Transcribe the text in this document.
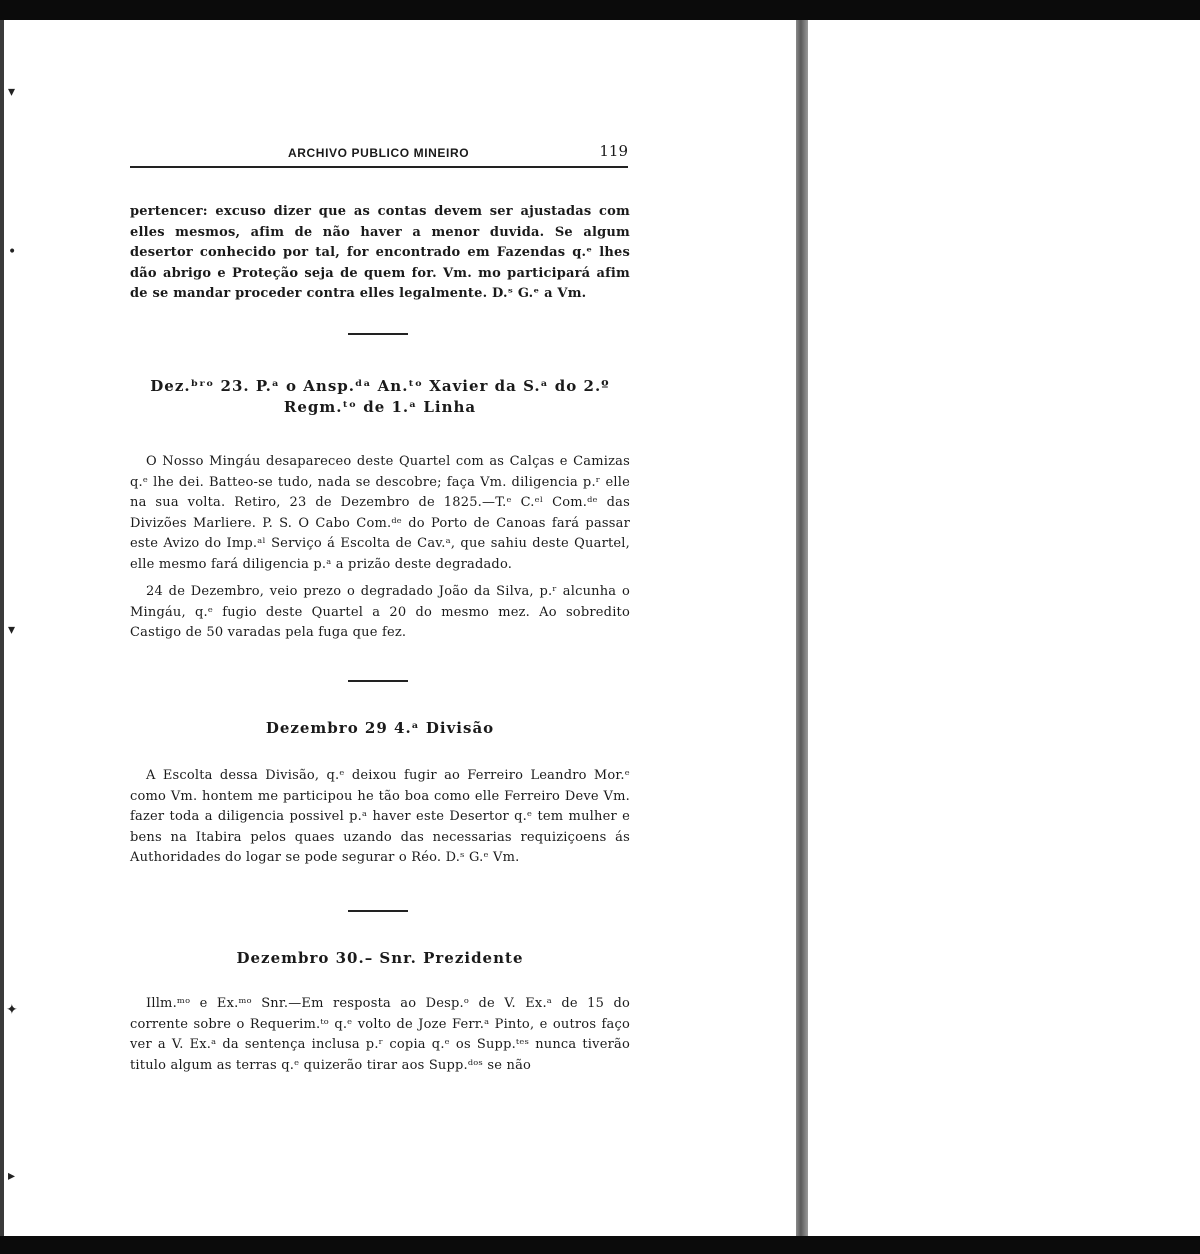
▾
•
▾
✦
▸
ARCHIVO PUBLICO MINEIRO	119
pertencer: excuso dizer que as contas devem ser ajustadas com elles mesmos, afim de não haver a menor duvida. Se algum desertor conhecido por tal, for encontrado em Fazendas q.ᵉ lhes dão abrigo e Proteção seja de quem for. Vm. mo participará afim de se mandar proceder contra elles legalmente. D.ˢ G.ᵉ a Vm.
Dez.ᵇʳᵒ 23. P.ᵃ o Ansp.ᵈᵃ An.ᵗᵒ Xavier da S.ᵃ do 2.º
Regm.ᵗᵒ de 1.ᵃ Linha
O Nosso Mingáu desapareceo deste Quartel com as Calças e Camizas q.ᵉ lhe dei. Batteo-se tudo, nada se descobre; faça Vm. diligencia p.ʳ elle na sua volta. Retiro, 23 de Dezembro de 1825.—T.ᵉ C.ᵉˡ Com.ᵈᵉ das Divizões Marliere. P. S. O Cabo Com.ᵈᵉ do Porto de Canoas fará passar este Avizo do Imp.ᵃˡ Serviço á Escolta de Cav.ᵃ, que sahiu deste Quartel, elle mesmo fará diligencia p.ᵃ a prizão deste degradado.
24 de Dezembro, veio prezo o degradado João da Silva, p.ʳ alcunha o Mingáu, q.ᵉ fugio deste Quartel a 20 do mesmo mez. Ao sobredito Castigo de 50 varadas pela fuga que fez.
Dezembro 29 4.ᵃ Divisão
A Escolta dessa Divisão, q.ᵉ deixou fugir ao Ferreiro Leandro Mor.ᵉ como Vm. hontem me participou he tão boa como elle Ferreiro Deve Vm. fazer toda a diligencia possivel p.ᵃ haver este Desertor q.ᵉ tem mulher e bens na Itabira pelos quaes uzando das necessarias requiziçoens ás Authoridades do logar se pode segurar o Réo. D.ˢ G.ᵉ Vm.
Dezembro 30.– Snr. Prezidente
Illm.ᵐᵒ e Ex.ᵐᵒ Snr.—Em resposta ao Desp.ᵒ de V. Ex.ᵃ de 15 do corrente sobre o Requerim.ᵗᵒ q.ᵉ volto de Joze Ferr.ᵃ Pinto, e outros faço ver a V. Ex.ᵃ da sentença inclusa p.ʳ copia q.ᵉ os Supp.ᵗᵉˢ nunca tiverão titulo algum as terras q.ᵉ quizerão tirar aos Supp.ᵈᵒˢ se não
